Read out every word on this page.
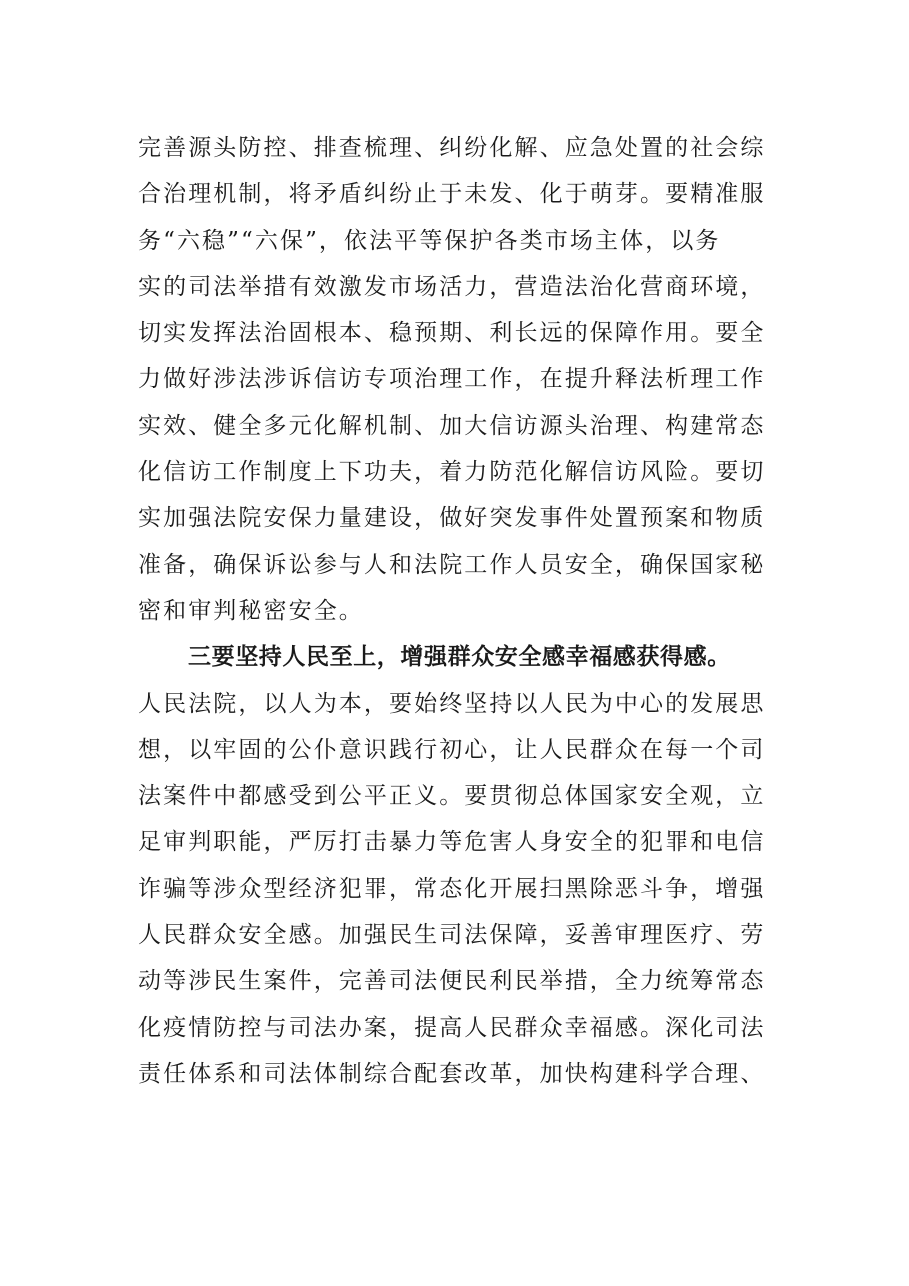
完善源头防控、排查梳理、纠纷化解、应急处置的社会综
合治理机制，将矛盾纠纷止于未发、化于萌芽。要精准服
务“六稳”“六保”，依法平等保护各类市场主体，以务
实的司法举措有效激发市场活力，营造法治化营商环境，
切实发挥法治固根本、稳预期、利长远的保障作用。要全
力做好涉法涉诉信访专项治理工作，在提升释法析理工作
实效、健全多元化解机制、加大信访源头治理、构建常态
化信访工作制度上下功夫，着力防范化解信访风险。要切
实加强法院安保力量建设，做好突发事件处置预案和物质
准备，确保诉讼参与人和法院工作人员安全，确保国家秘
密和审判秘密安全。
三要坚持人民至上，增强群众安全感幸福感获得感。
人民法院，以人为本，要始终坚持以人民为中心的发展思
想，以牢固的公仆意识践行初心，让人民群众在每一个司
法案件中都感受到公平正义。要贯彻总体国家安全观，立
足审判职能，严厉打击暴力等危害人身安全的犯罪和电信
诈骗等涉众型经济犯罪，常态化开展扫黑除恶斗争，增强
人民群众安全感。加强民生司法保障，妥善审理医疗、劳
动等涉民生案件，完善司法便民利民举措，全力统筹常态
化疫情防控与司法办案，提高人民群众幸福感。深化司法
责任体系和司法体制综合配套改革，加快构建科学合理、
